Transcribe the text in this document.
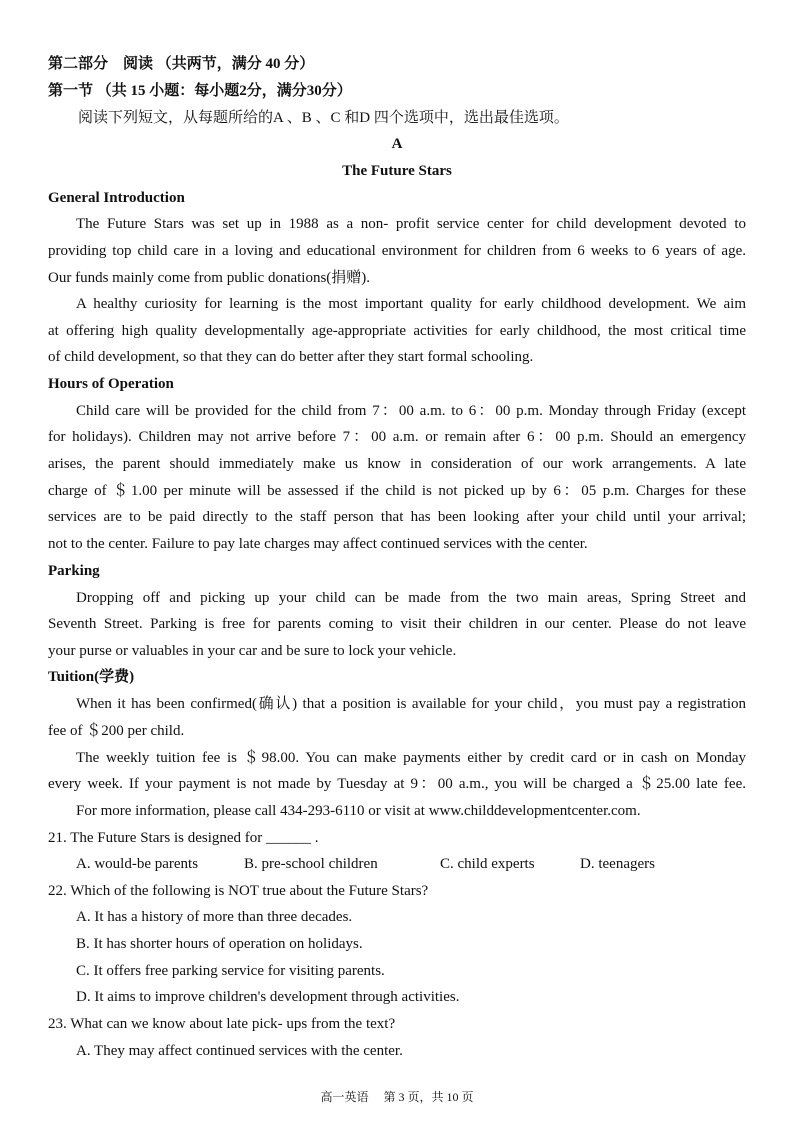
第二部分　阅读 （共两节，满分 40 分）
第一节 （共 15 小题：每小题2分，满分30分）
阅读下列短文，从每题所给的A 、B 、C 和D 四个选项中，选出最佳选项。
A
The Future Stars
General Introduction
The Future Stars was set up in 1988 as a non- profit service center for child development devoted to
providing top child care in a loving and educational environment for children from 6 weeks to 6 years of age.
Our funds mainly come from public donations(捐赠).
A healthy curiosity for learning is the most important quality for early childhood development. We aim
at offering high quality developmentally age-appropriate activities for early childhood, the most critical time
of child development, so that they can do better after they start formal schooling.
Hours of Operation
Child care will be provided for the child from 7：00 a.m. to 6：00 p.m. Monday through Friday (except
for holidays). Children may not arrive before 7：00 a.m. or remain after 6：00 p.m. Should an emergency
arises, the parent should immediately make us know in consideration of our work arrangements. A late
charge of ＄1.00 per minute will be assessed if the child is not picked up by 6：05 p.m. Charges for these
services are to be paid directly to the staff person that has been looking after your child until your arrival;
not to the center. Failure to pay late charges may affect continued services with the center.
Parking
Dropping off and picking up your child can be made from the two main areas, Spring Street and
Seventh Street. Parking is free for parents coming to visit their children in our center. Please do not leave
your purse or valuables in your car and be sure to lock your vehicle.
Tuition(学费)
When it has been confirmed(确认) that a position is available for your child，you must pay a registration
fee of ＄200 per child.
The weekly tuition fee is ＄98.00. You can make payments either by credit card or in cash on Monday
every week. If your payment is not made by Tuesday at 9：00 a.m., you will be charged a ＄25.00 late fee.
For more information, please call 434-293-6110 or visit at www.childdevelopmentcenter.com.
21. The Future Stars is designed for ______ .
A. would-be parents	B. pre-school children	C. child experts	D. teenagers
22. Which of the following is NOT true about the Future Stars?
A. It has a history of more than three decades.
B. It has shorter hours of operation on holidays.
C. It offers free parking service for visiting parents.
D. It aims to improve children's development through activities.
23. What can we know about late pick- ups from the text?
A. They may affect continued services with the center.
高一英语 第 3 页，共 10 页
